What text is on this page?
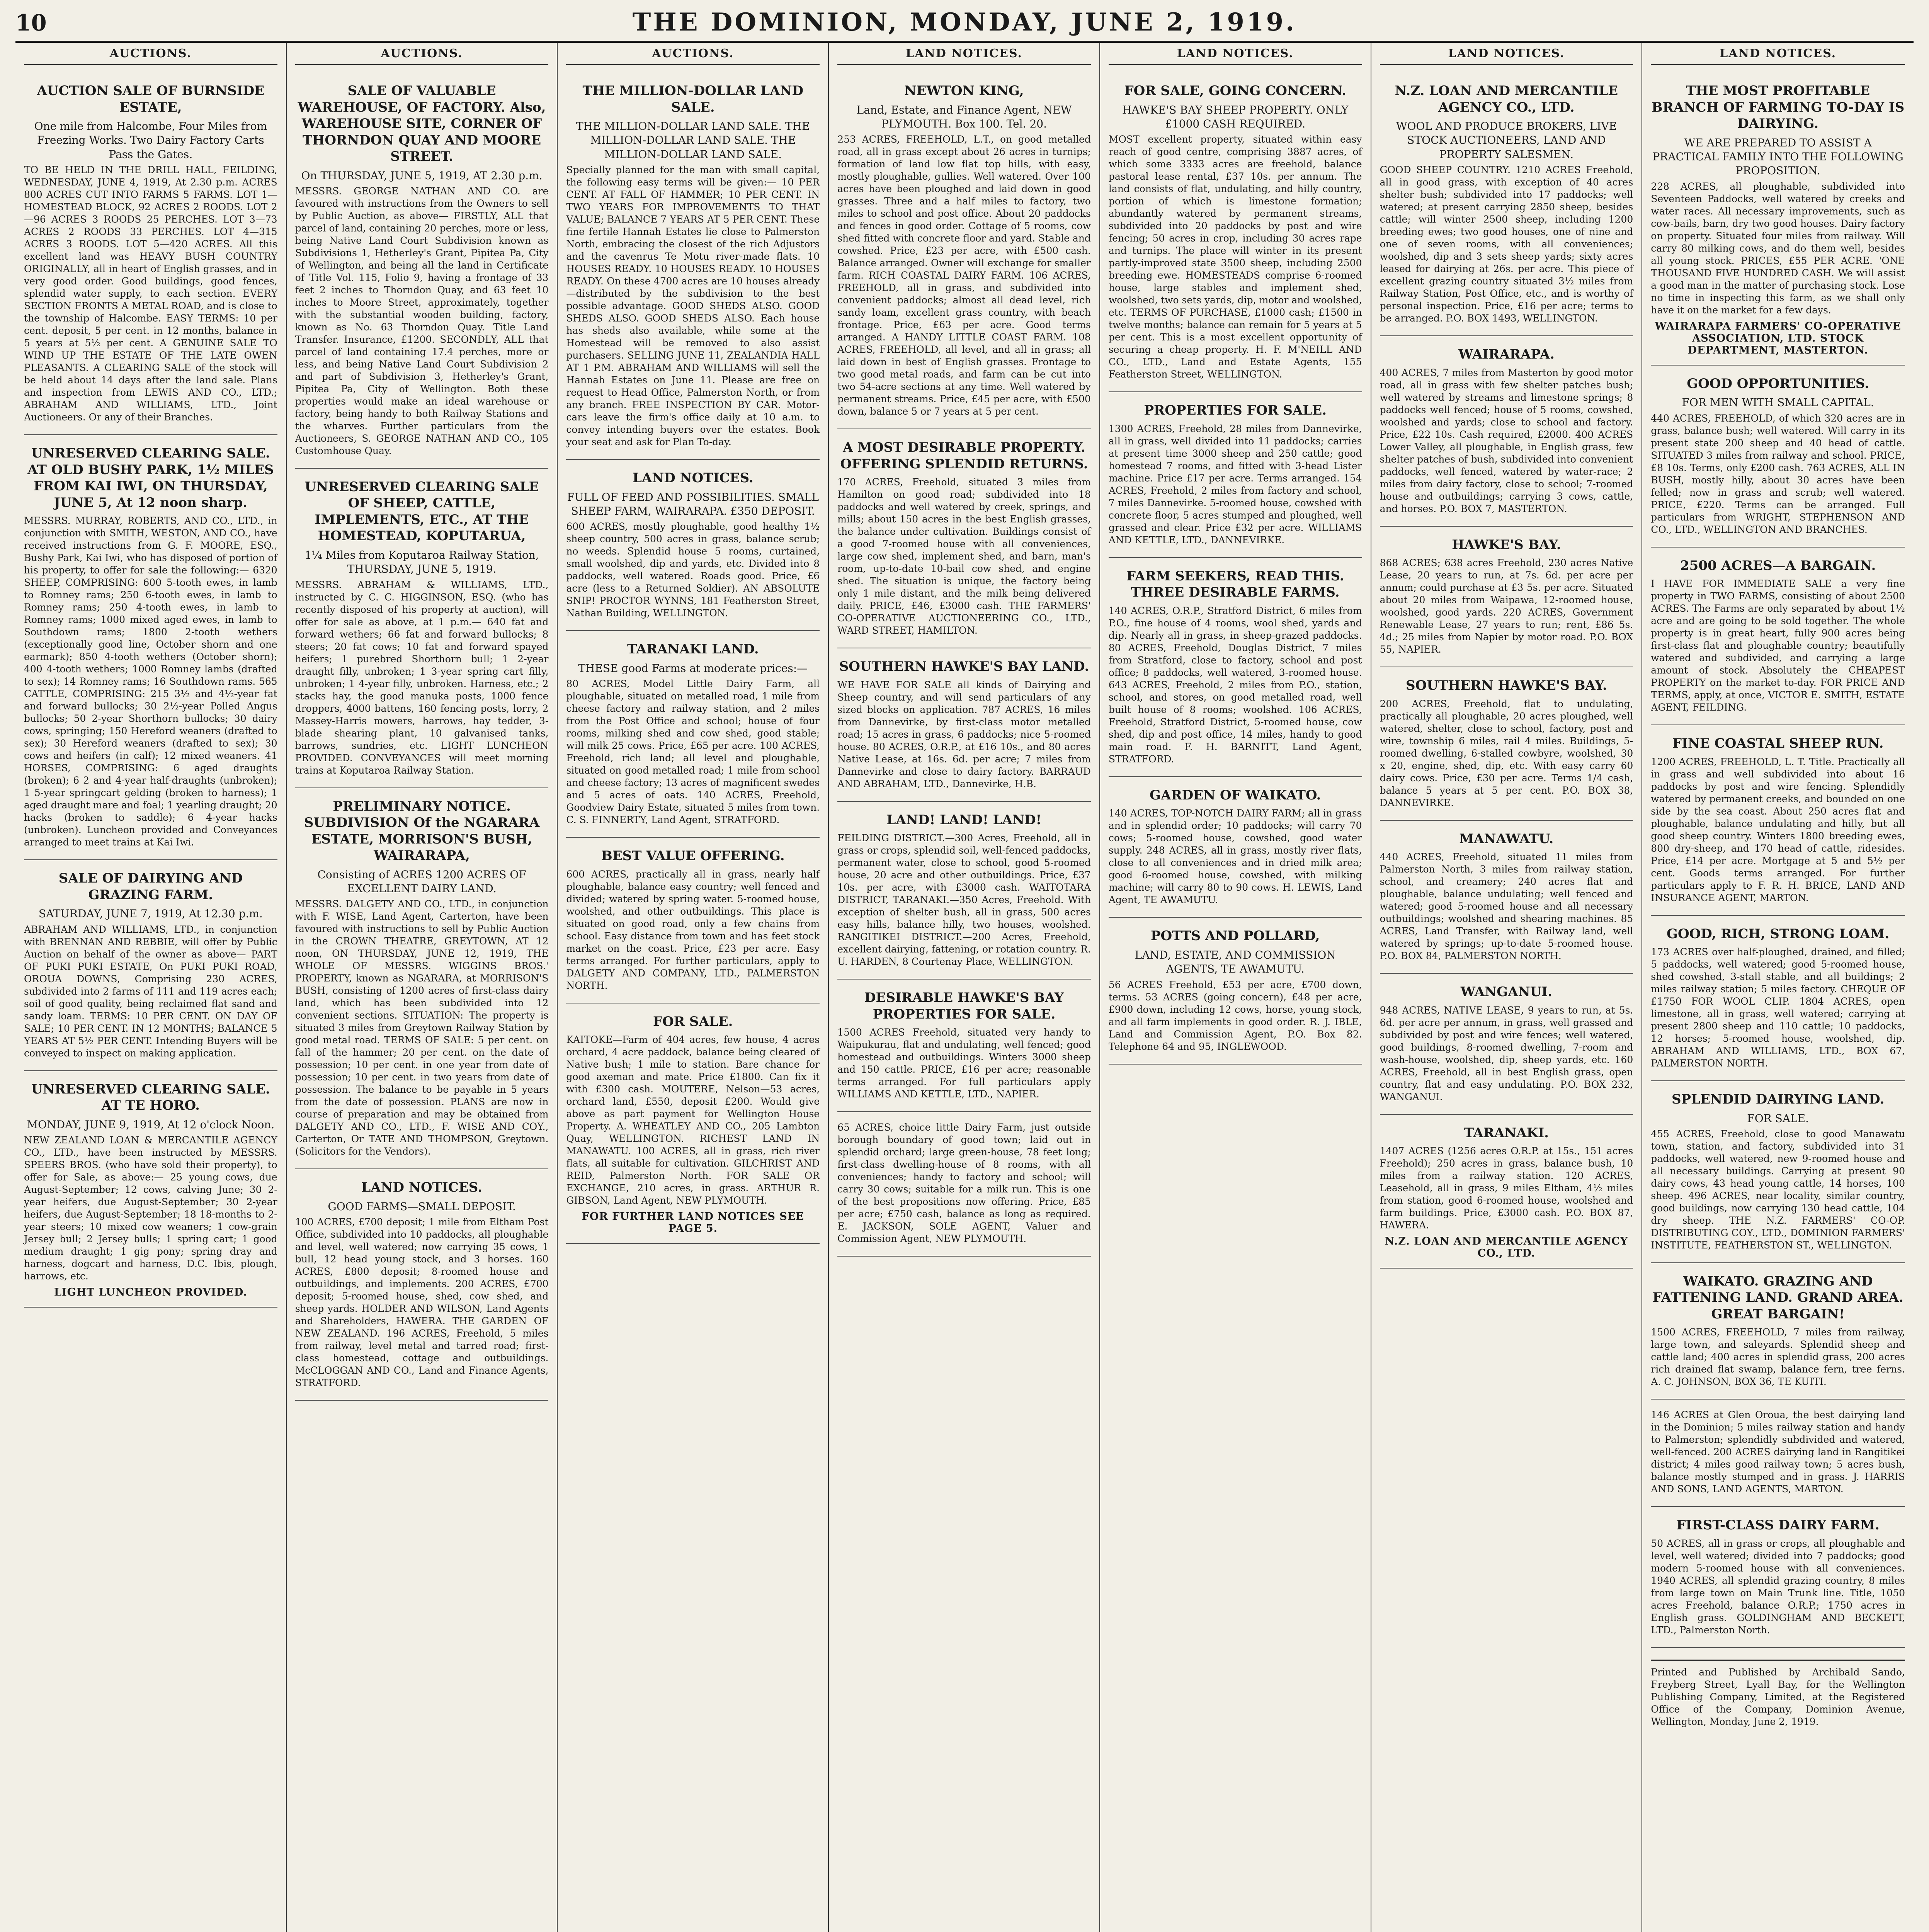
10	THE DOMINION, MONDAY, JUNE 2, 1919.
AUCTIONS.
AUCTION SALE OF BURNSIDE ESTATE,
One mile from Halcombe, Four Miles from Freezing Works. Two Dairy Factory Carts Pass the Gates.
TO BE HELD IN THE DRILL HALL, FEILDING, WEDNESDAY, JUNE 4, 1919, At 2.30 p.m. ACRES 800 ACRES CUT INTO FARMS 5 FARMS. LOT 1—HOMESTEAD BLOCK, 92 ACRES 2 ROODS. LOT 2—96 ACRES 3 ROODS 25 PERCHES. LOT 3—73 ACRES 2 ROODS 33 PERCHES. LOT 4—315 ACRES 3 ROODS. LOT 5—420 ACRES. All this excellent land was HEAVY BUSH COUNTRY ORIGINALLY, all in heart of English grasses, and in very good order. Good buildings, good fences, splendid water supply, to each section. EVERY SECTION FRONTS A METAL ROAD, and is close to the township of Halcombe. EASY TERMS: 10 per cent. deposit, 5 per cent. in 12 months, balance in 5 years at 5½ per cent. A GENUINE SALE TO WIND UP THE ESTATE OF THE LATE OWEN PLEASANTS. A CLEARING SALE of the stock will be held about 14 days after the land sale. Plans and inspection from LEWIS AND CO., LTD.; ABRAHAM AND WILLIAMS, LTD., Joint Auctioneers. Or any of their Branches.
UNRESERVED CLEARING SALE. AT OLD BUSHY PARK, 1½ MILES FROM KAI IWI, ON THURSDAY, JUNE 5, At 12 noon sharp.
MESSRS. MURRAY, ROBERTS, AND CO., LTD., in conjunction with SMITH, WESTON, AND CO., have received instructions from G. F. MOORE, ESQ., Bushy Park, Kai Iwi, who has disposed of portion of his property, to offer for sale the following:— 6320 SHEEP, COMPRISING: 600 5-tooth ewes, in lamb to Romney rams; 250 6-tooth ewes, in lamb to Romney rams; 250 4-tooth ewes, in lamb to Romney rams; 1000 mixed aged ewes, in lamb to Southdown rams; 1800 2-tooth wethers (exceptionally good line, October shorn and one earmark); 850 4-tooth wethers (October shorn); 400 4-tooth wethers; 1000 Romney lambs (drafted to sex); 14 Romney rams; 16 Southdown rams. 565 CATTLE, COMPRISING: 215 3½ and 4½-year fat and forward bullocks; 30 2½-year Polled Angus bullocks; 50 2-year Shorthorn bullocks; 30 dairy cows, springing; 150 Hereford weaners (drafted to sex); 30 Hereford weaners (drafted to sex); 30 cows and heifers (in calf); 12 mixed weaners. 41 HORSES, COMPRISING: 6 aged draughts (broken); 6 2 and 4-year half-draughts (unbroken); 1 5-year springcart gelding (broken to harness); 1 aged draught mare and foal; 1 yearling draught; 20 hacks (broken to saddle); 6 4-year hacks (unbroken). Luncheon provided and Conveyances arranged to meet trains at Kai Iwi.
SALE OF DAIRYING AND GRAZING FARM.
SATURDAY, JUNE 7, 1919, At 12.30 p.m.
ABRAHAM AND WILLIAMS, LTD., in conjunction with BRENNAN AND REBBIE, will offer by Public Auction on behalf of the owner as above— PART OF PUKI PUKI ESTATE, On PUKI PUKI ROAD, OROUA DOWNS, Comprising 230 ACRES, subdivided into 2 farms of 111 and 119 acres each; soil of good quality, being reclaimed flat sand and sandy loam. TERMS: 10 PER CENT. ON DAY OF SALE; 10 PER CENT. IN 12 MONTHS; BALANCE 5 YEARS AT 5½ PER CENT. Intending Buyers will be conveyed to inspect on making application.
UNRESERVED CLEARING SALE. AT TE HORO.
MONDAY, JUNE 9, 1919, At 12 o'clock Noon.
NEW ZEALAND LOAN & MERCANTILE AGENCY CO., LTD., have been instructed by MESSRS. SPEERS BROS. (who have sold their property), to offer for Sale, as above:— 25 young cows, due August-September; 12 cows, calving June; 30 2-year heifers, due August-September; 30 2-year heifers, due August-September; 18 18-months to 2-year steers; 10 mixed cow weaners; 1 cow-grain Jersey bull; 2 Jersey bulls; 1 spring cart; 1 good medium draught; 1 gig pony; spring dray and harness, dogcart and harness, D.C. Ibis, plough, harrows, etc.
LIGHT LUNCHEON PROVIDED.
AUCTIONS.
SALE OF VALUABLE WAREHOUSE, OF FACTORY. Also, WAREHOUSE SITE, CORNER OF THORNDON QUAY AND MOORE STREET.
On THURSDAY, JUNE 5, 1919, AT 2.30 p.m.
MESSRS. GEORGE NATHAN AND CO. are favoured with instructions from the Owners to sell by Public Auction, as above— FIRSTLY, ALL that parcel of land, containing 20 perches, more or less, being Native Land Court Subdivision known as Subdivisions 1, Hetherley's Grant, Pipitea Pa, City of Wellington, and being all the land in Certificate of Title Vol. 115, Folio 9, having a frontage of 33 feet 2 inches to Thorndon Quay, and 63 feet 10 inches to Moore Street, approximately, together with the substantial wooden building, factory, known as No. 63 Thorndon Quay. Title Land Transfer. Insurance, £1200. SECONDLY, ALL that parcel of land containing 17.4 perches, more or less, and being Native Land Court Subdivision 2 and part of Subdivision 3, Hetherley's Grant, Pipitea Pa, City of Wellington. Both these properties would make an ideal warehouse or factory, being handy to both Railway Stations and the wharves. Further particulars from the Auctioneers, S. GEORGE NATHAN AND CO., 105 Customhouse Quay.
UNRESERVED CLEARING SALE OF SHEEP, CATTLE, IMPLEMENTS, ETC., AT THE HOMESTEAD, KOPUTARUA,
1¼ Miles from Koputaroa Railway Station, THURSDAY, JUNE 5, 1919.
MESSRS. ABRAHAM & WILLIAMS, LTD., instructed by C. C. HIGGINSON, ESQ. (who has recently disposed of his property at auction), will offer for sale as above, at 1 p.m.— 640 fat and forward wethers; 66 fat and forward bullocks; 8 steers; 20 fat cows; 10 fat and forward spayed heifers; 1 purebred Shorthorn bull; 1 2-year draught filly, unbroken; 1 3-year spring cart filly, unbroken; 1 4-year filly, unbroken. Harness, etc.; 2 stacks hay, the good manuka posts, 1000 fence droppers, 4000 battens, 160 fencing posts, lorry, 2 Massey-Harris mowers, harrows, hay tedder, 3-blade shearing plant, 10 galvanised tanks, barrows, sundries, etc. LIGHT LUNCHEON PROVIDED. CONVEYANCES will meet morning trains at Koputaroa Railway Station.
PRELIMINARY NOTICE. SUBDIVISION Of the NGARARA ESTATE, MORRISON'S BUSH, WAIRARAPA,
Consisting of ACRES 1200 ACRES OF EXCELLENT DAIRY LAND.
MESSRS. DALGETY AND CO., LTD., in conjunction with F. WISE, Land Agent, Carterton, have been favoured with instructions to sell by Public Auction in the CROWN THEATRE, GREYTOWN, AT 12 noon, ON THURSDAY, JUNE 12, 1919, THE WHOLE OF MESSRS. WIGGINS BROS.' PROPERTY, known as NGARARA, at MORRISON'S BUSH, consisting of 1200 acres of first-class dairy land, which has been subdivided into 12 convenient sections. SITUATION: The property is situated 3 miles from Greytown Railway Station by good metal road. TERMS OF SALE: 5 per cent. on fall of the hammer; 20 per cent. on the date of possession; 10 per cent. in one year from date of possession; 10 per cent. in two years from date of possession. The balance to be payable in 5 years from the date of possession. PLANS are now in course of preparation and may be obtained from DALGETY AND CO., LTD., F. WISE AND COY., Carterton, Or TATE AND THOMPSON, Greytown. (Solicitors for the Vendors).
LAND NOTICES.
GOOD FARMS—SMALL DEPOSIT.
100 ACRES, £700 deposit; 1 mile from Eltham Post Office, subdivided into 10 paddocks, all ploughable and level, well watered; now carrying 35 cows, 1 bull, 12 head young stock, and 3 horses. 160 ACRES, £800 deposit; 8-roomed house and outbuildings, and implements. 200 ACRES, £700 deposit; 5-roomed house, shed, cow shed, and sheep yards. HOLDER AND WILSON, Land Agents and Shareholders, HAWERA. THE GARDEN OF NEW ZEALAND. 196 ACRES, Freehold, 5 miles from railway, level metal and tarred road; first-class homestead, cottage and outbuildings. McCLOGGAN AND CO., Land and Finance Agents, STRATFORD.
AUCTIONS.
THE MILLION-DOLLAR LAND SALE.
THE MILLION-DOLLAR LAND SALE. THE MILLION-DOLLAR LAND SALE. THE MILLION-DOLLAR LAND SALE.
Specially planned for the man with small capital, the following easy terms will be given:— 10 PER CENT. AT FALL OF HAMMER; 10 PER CENT. IN TWO YEARS FOR IMPROVEMENTS TO THAT VALUE; BALANCE 7 YEARS AT 5 PER CENT. These fine fertile Hannah Estates lie close to Palmerston North, embracing the closest of the rich Adjustors and the cavenrus Te Motu river-made flats. 10 HOUSES READY. 10 HOUSES READY. 10 HOUSES READY. On these 4700 acres are 10 houses already—distributed by the subdivision to the best possible advantage. GOOD SHEDS ALSO. GOOD SHEDS ALSO. GOOD SHEDS ALSO. Each house has sheds also available, while some at the Homestead will be removed to also assist purchasers. SELLING JUNE 11, ZEALANDIA HALL AT 1 P.M. ABRAHAM AND WILLIAMS will sell the Hannah Estates on June 11. Please are free on request to Head Office, Palmerston North, or from any branch. FREE INSPECTION BY CAR. Motor-cars leave the firm's office daily at 10 a.m. to convey intending buyers over the estates. Book your seat and ask for Plan To-day.
LAND NOTICES.
FULL OF FEED AND POSSIBILITIES. SMALL SHEEP FARM, WAIRARAPA. £350 DEPOSIT.
600 ACRES, mostly ploughable, good healthy 1½ sheep country, 500 acres in grass, balance scrub; no weeds. Splendid house 5 rooms, curtained, small woolshed, dip and yards, etc. Divided into 8 paddocks, well watered. Roads good. Price, £6 acre (less to a Returned Soldier). AN ABSOLUTE SNIP! PROCTOR WYNNS, 181 Featherston Street, Nathan Building, WELLINGTON.
TARANAKI LAND.
THESE good Farms at moderate prices:—
80 ACRES, Model Little Dairy Farm, all ploughable, situated on metalled road, 1 mile from cheese factory and railway station, and 2 miles from the Post Office and school; house of four rooms, milking shed and cow shed, good stable; will milk 25 cows. Price, £65 per acre. 100 ACRES, Freehold, rich land; all level and ploughable, situated on good metalled road; 1 mile from school and cheese factory; 13 acres of magnificent swedes and 5 acres of oats. 140 ACRES, Freehold, Goodview Dairy Estate, situated 5 miles from town. C. S. FINNERTY, Land Agent, STRATFORD.
BEST VALUE OFFERING.
600 ACRES, practically all in grass, nearly half ploughable, balance easy country; well fenced and divided; watered by spring water. 5-roomed house, woolshed, and other outbuildings. This place is situated on good road, only a few chains from school. Easy distance from town and has feet stock market on the coast. Price, £23 per acre. Easy terms arranged. For further particulars, apply to DALGETY AND COMPANY, LTD., PALMERSTON NORTH.
FOR SALE.
KAITOKE—Farm of 404 acres, few house, 4 acres orchard, 4 acre paddock, balance being cleared of Native bush; 1 mile to station. Bare chance for good axeman and mate. Price £1800. Can fix it with £300 cash. MOUTERE, Nelson—53 acres, orchard land, £550, deposit £200. Would give above as part payment for Wellington House Property. A. WHEATLEY AND CO., 205 Lambton Quay, WELLINGTON. RICHEST LAND IN MANAWATU. 100 ACRES, all in grass, rich river flats, all suitable for cultivation. GILCHRIST AND REID, Palmerston North. FOR SALE OR EXCHANGE, 210 acres, in grass. ARTHUR R. GIBSON, Land Agent, NEW PLYMOUTH.
FOR FURTHER LAND NOTICES SEE PAGE 5.
LAND NOTICES.
NEWTON KING,
Land, Estate, and Finance Agent, NEW PLYMOUTH. Box 100. Tel. 20.
253 ACRES, FREEHOLD, L.T., on good metalled road, all in grass except about 26 acres in turnips; formation of land low flat top hills, with easy, mostly ploughable, gullies. Well watered. Over 100 acres have been ploughed and laid down in good grasses. Three and a half miles to factory, two miles to school and post office. About 20 paddocks and fences in good order. Cottage of 5 rooms, cow shed fitted with concrete floor and yard. Stable and cowshed. Price, £23 per acre, with £500 cash. Balance arranged. Owner will exchange for smaller farm. RICH COASTAL DAIRY FARM. 106 ACRES, FREEHOLD, all in grass, and subdivided into convenient paddocks; almost all dead level, rich sandy loam, excellent grass country, with beach frontage. Price, £63 per acre. Good terms arranged. A HANDY LITTLE COAST FARM. 108 ACRES, FREEHOLD, all level, and all in grass; all laid down in best of English grasses. Frontage to two good metal roads, and farm can be cut into two 54-acre sections at any time. Well watered by permanent streams. Price, £45 per acre, with £500 down, balance 5 or 7 years at 5 per cent.
A MOST DESIRABLE PROPERTY. OFFERING SPLENDID RETURNS.
170 ACRES, Freehold, situated 3 miles from Hamilton on good road; subdivided into 18 paddocks and well watered by creek, springs, and mills; about 150 acres in the best English grasses, the balance under cultivation. Buildings consist of a good 7-roomed house with all conveniences, large cow shed, implement shed, and barn, man's room, up-to-date 10-bail cow shed, and engine shed. The situation is unique, the factory being only 1 mile distant, and the milk being delivered daily. PRICE, £46, £3000 cash. THE FARMERS' CO-OPERATIVE AUCTIONEERING CO., LTD., WARD STREET, HAMILTON.
SOUTHERN HAWKE'S BAY LAND.
WE HAVE FOR SALE all kinds of Dairying and Sheep country, and will send particulars of any sized blocks on application. 787 ACRES, 16 miles from Dannevirke, by first-class motor metalled road; 15 acres in grass, 6 paddocks; nice 5-roomed house. 80 ACRES, O.R.P., at £16 10s., and 80 acres Native Lease, at 16s. 6d. per acre; 7 miles from Dannevirke and close to dairy factory. BARRAUD AND ABRAHAM, LTD., Dannevirke, H.B.
LAND! LAND! LAND!
FEILDING DISTRICT.—300 Acres, Freehold, all in grass or crops, splendid soil, well-fenced paddocks, permanent water, close to school, good 5-roomed house, 20 acre and other outbuildings. Price, £37 10s. per acre, with £3000 cash. WAITOTARA DISTRICT, TARANAKI.—350 Acres, Freehold. With exception of shelter bush, all in grass, 500 acres easy hills, balance hilly, two houses, woolshed. RANGITIKEI DISTRICT.—200 Acres, Freehold, excellent dairying, fattening, or rotation country. R. U. HARDEN, 8 Courtenay Place, WELLINGTON.
DESIRABLE HAWKE'S BAY PROPERTIES FOR SALE.
1500 ACRES Freehold, situated very handy to Waipukurau, flat and undulating, well fenced; good homestead and outbuildings. Winters 3000 sheep and 150 cattle. PRICE, £16 per acre; reasonable terms arranged. For full particulars apply WILLIAMS AND KETTLE, LTD., NAPIER.
65 ACRES, choice little Dairy Farm, just outside borough boundary of good town; laid out in splendid orchard; large green-house, 78 feet long; first-class dwelling-house of 8 rooms, with all conveniences; handy to factory and school; will carry 30 cows; suitable for a milk run. This is one of the best propositions now offering. Price, £85 per acre; £750 cash, balance as long as required. E. JACKSON, SOLE AGENT, Valuer and Commission Agent, NEW PLYMOUTH.
LAND NOTICES.
FOR SALE, GOING CONCERN.
HAWKE'S BAY SHEEP PROPERTY. ONLY £1000 CASH REQUIRED.
MOST excellent property, situated within easy reach of good centre, comprising 3887 acres, of which some 3333 acres are freehold, balance pastoral lease rental, £37 10s. per annum. The land consists of flat, undulating, and hilly country, portion of which is limestone formation; abundantly watered by permanent streams, subdivided into 20 paddocks by post and wire fencing; 50 acres in crop, including 30 acres rape and turnips. The place will winter in its present partly-improved state 3500 sheep, including 2500 breeding ewe. HOMESTEADS comprise 6-roomed house, large stables and implement shed, woolshed, two sets yards, dip, motor and woolshed, etc. TERMS OF PURCHASE, £1000 cash; £1500 in twelve months; balance can remain for 5 years at 5 per cent. This is a most excellent opportunity of securing a cheap property. H. F. M'NEILL AND CO., LTD., Land and Estate Agents, 155 Featherston Street, WELLINGTON.
PROPERTIES FOR SALE.
1300 ACRES, Freehold, 28 miles from Dannevirke, all in grass, well divided into 11 paddocks; carries at present time 3000 sheep and 250 cattle; good homestead 7 rooms, and fitted with 3-head Lister machine. Price £17 per acre. Terms arranged. 154 ACRES, Freehold, 2 miles from factory and school, 7 miles Dannevirke. 5-roomed house, cowshed with concrete floor, 5 acres stumped and ploughed, well grassed and clear. Price £32 per acre. WILLIAMS AND KETTLE, LTD., DANNEVIRKE.
FARM SEEKERS, READ THIS. THREE DESIRABLE FARMS.
140 ACRES, O.R.P., Stratford District, 6 miles from P.O., fine house of 4 rooms, wool shed, yards and dip. Nearly all in grass, in sheep-grazed paddocks. 80 ACRES, Freehold, Douglas District, 7 miles from Stratford, close to factory, school and post office; 8 paddocks, well watered, 3-roomed house. 643 ACRES, Freehold, 2 miles from P.O., station, school, and stores, on good metalled road, well built house of 8 rooms; woolshed. 106 ACRES, Freehold, Stratford District, 5-roomed house, cow shed, dip and post office, 14 miles, handy to good main road. F. H. BARNITT, Land Agent, STRATFORD.
GARDEN OF WAIKATO.
140 ACRES, TOP-NOTCH DAIRY FARM; all in grass and in splendid order; 10 paddocks; will carry 70 cows; 5-roomed house, cowshed, good water supply. 248 ACRES, all in grass, mostly river flats, close to all conveniences and in dried milk area; good 6-roomed house, cowshed, with milking machine; will carry 80 to 90 cows. H. LEWIS, Land Agent, TE AWAMUTU.
POTTS AND POLLARD,
LAND, ESTATE, AND COMMISSION AGENTS, TE AWAMUTU.
56 ACRES Freehold, £53 per acre, £700 down, terms. 53 ACRES (going concern), £48 per acre, £900 down, including 12 cows, horse, young stock, and all farm implements in good order. R. J. IBLE, Land and Commission Agent, P.O. Box 82. Telephone 64 and 95, INGLEWOOD.
LAND NOTICES.
N.Z. LOAN AND MERCANTILE AGENCY CO., LTD.
WOOL AND PRODUCE BROKERS, LIVE STOCK AUCTIONEERS, LAND AND PROPERTY SALESMEN.
GOOD SHEEP COUNTRY. 1210 ACRES Freehold, all in good grass, with exception of 40 acres shelter bush; subdivided into 17 paddocks; well watered; at present carrying 2850 sheep, besides cattle; will winter 2500 sheep, including 1200 breeding ewes; two good houses, one of nine and one of seven rooms, with all conveniences; woolshed, dip and 3 sets sheep yards; sixty acres leased for dairying at 26s. per acre. This piece of excellent grazing country situated 3½ miles from Railway Station, Post Office, etc., and is worthy of personal inspection. Price, £16 per acre; terms to be arranged. P.O. BOX 1493, WELLINGTON.
WAIRARAPA.
400 ACRES, 7 miles from Masterton by good motor road, all in grass with few shelter patches bush; well watered by streams and limestone springs; 8 paddocks well fenced; house of 5 rooms, cowshed, woolshed and yards; close to school and factory. Price, £22 10s. Cash required, £2000. 400 ACRES Lower Valley, all ploughable, in English grass, few shelter patches of bush, subdivided into convenient paddocks, well fenced, watered by water-race; 2 miles from dairy factory, close to school; 7-roomed house and outbuildings; carrying 3 cows, cattle, and horses. P.O. BOX 7, MASTERTON.
HAWKE'S BAY.
868 ACRES; 638 acres Freehold, 230 acres Native Lease, 20 years to run, at 7s. 6d. per acre per annum; could purchase at £3 5s. per acre. Situated about 20 miles from Waipawa, 12-roomed house, woolshed, good yards. 220 ACRES, Government Renewable Lease, 27 years to run; rent, £86 5s. 4d.; 25 miles from Napier by motor road. P.O. BOX 55, NAPIER.
SOUTHERN HAWKE'S BAY.
200 ACRES, Freehold, flat to undulating, practically all ploughable, 20 acres ploughed, well watered, shelter, close to school, factory, post and wire, township 6 miles, rail 4 miles. Buildings, 5-roomed dwelling, 6-stalled cowbyre, woolshed, 30 x 20, engine, shed, dip, etc. With easy carry 60 dairy cows. Price, £30 per acre. Terms 1/4 cash, balance 5 years at 5 per cent. P.O. BOX 38, DANNEVIRKE.
MANAWATU.
440 ACRES, Freehold, situated 11 miles from Palmerston North, 3 miles from railway station, school, and creamery; 240 acres flat and ploughable, balance undulating; well fenced and watered; good 5-roomed house and all necessary outbuildings; woolshed and shearing machines. 85 ACRES, Land Transfer, with Railway land, well watered by springs; up-to-date 5-roomed house. P.O. BOX 84, PALMERSTON NORTH.
WANGANUI.
948 ACRES, NATIVE LEASE, 9 years to run, at 5s. 6d. per acre per annum, in grass, well grassed and subdivided by post and wire fences; well watered, good buildings, 8-roomed dwelling, 7-room and wash-house, woolshed, dip, sheep yards, etc. 160 ACRES, Freehold, all in best English grass, open country, flat and easy undulating. P.O. BOX 232, WANGANUI.
TARANAKI.
1407 ACRES (1256 acres O.R.P. at 15s., 151 acres Freehold); 250 acres in grass, balance bush, 10 miles from a railway station. 120 ACRES, Leasehold, all in grass, 9 miles Eltham, 4½ miles from station, good 6-roomed house, woolshed and farm buildings. Price, £3000 cash. P.O. BOX 87, HAWERA.
N.Z. LOAN AND MERCANTILE AGENCY CO., LTD.
LAND NOTICES.
THE MOST PROFITABLE BRANCH OF FARMING TO-DAY IS DAIRYING.
WE ARE PREPARED TO ASSIST A PRACTICAL FAMILY INTO THE FOLLOWING PROPOSITION.
228 ACRES, all ploughable, subdivided into Seventeen Paddocks, well watered by creeks and water races. All necessary improvements, such as cow-bails, barn, dry two good houses. Dairy factory on property. Situated four miles from railway. Will carry 80 milking cows, and do them well, besides all young stock. PRICES, £55 PER ACRE. 'ONE THOUSAND FIVE HUNDRED CASH. We will assist a good man in the matter of purchasing stock. Lose no time in inspecting this farm, as we shall only have it on the market for a few days.
WAIRARAPA FARMERS' CO-OPERATIVE ASSOCIATION, LTD. STOCK DEPARTMENT, MASTERTON.
GOOD OPPORTUNITIES.
FOR MEN WITH SMALL CAPITAL.
440 ACRES, FREEHOLD, of which 320 acres are in grass, balance bush; well watered. Will carry in its present state 200 sheep and 40 head of cattle. SITUATED 3 miles from railway and school. PRICE, £8 10s. Terms, only £200 cash. 763 ACRES, ALL IN BUSH, mostly hilly, about 30 acres have been felled; now in grass and scrub; well watered. PRICE, £220. Terms can be arranged. Full particulars from WRIGHT, STEPHENSON AND CO., LTD., WELLINGTON AND BRANCHES.
2500 ACRES—A BARGAIN.
I HAVE FOR IMMEDIATE SALE a very fine property in TWO FARMS, consisting of about 2500 ACRES. The Farms are only separated by about 1½ acre and are going to be sold together. The whole property is in great heart, fully 900 acres being first-class flat and ploughable country; beautifully watered and subdivided, and carrying a large amount of stock. Absolutely the CHEAPEST PROPERTY on the market to-day. FOR PRICE AND TERMS, apply, at once, VICTOR E. SMITH, ESTATE AGENT, FEILDING.
FINE COASTAL SHEEP RUN.
1200 ACRES, FREEHOLD, L. T. Title. Practically all in grass and well subdivided into about 16 paddocks by post and wire fencing. Splendidly watered by permanent creeks, and bounded on one side by the sea coast. About 250 acres flat and ploughable, balance undulating and hilly, but all good sheep country. Winters 1800 breeding ewes, 800 dry-sheep, and 170 head of cattle, ridesides. Price, £14 per acre. Mortgage at 5 and 5½ per cent. Goods terms arranged. For further particulars apply to F. R. H. BRICE, LAND AND INSURANCE AGENT, MARTON.
GOOD, RICH, STRONG LOAM.
173 ACRES over half-ploughed, drained, and filled; 5 paddocks, well watered; good 5-roomed house, shed cowshed, 3-stall stable, and all buildings; 2 miles railway station; 5 miles factory. CHEQUE OF £1750 FOR WOOL CLIP. 1804 ACRES, open limestone, all in grass, well watered; carrying at present 2800 sheep and 110 cattle; 10 paddocks, 12 horses; 5-roomed house, woolshed, dip. ABRAHAM AND WILLIAMS, LTD., BOX 67, PALMERSTON NORTH.
SPLENDID DAIRYING LAND.
FOR SALE.
455 ACRES, Freehold, close to good Manawatu town, station, and factory, subdivided into 31 paddocks, well watered, new 9-roomed house and all necessary buildings. Carrying at present 90 dairy cows, 43 head young cattle, 14 horses, 100 sheep. 496 ACRES, near locality, similar country, good buildings, now carrying 130 head cattle, 104 dry sheep. THE N.Z. FARMERS' CO-OP. DISTRIBUTING COY., LTD., DOMINION FARMERS' INSTITUTE, FEATHERSTON ST., WELLINGTON.
WAIKATO. GRAZING AND FATTENING LAND. GRAND AREA. GREAT BARGAIN!
1500 ACRES, FREEHOLD, 7 miles from railway, large town, and saleyards. Splendid sheep and cattle land; 400 acres in splendid grass, 200 acres rich drained flat swamp, balance fern, tree ferns. A. C. JOHNSON, BOX 36, TE KUITI.
146 ACRES at Glen Oroua, the best dairying land in the Dominion; 5 miles railway station and handy to Palmerston; splendidly subdivided and watered, well-fenced. 200 ACRES dairying land in Rangitikei district; 4 miles good railway town; 5 acres bush, balance mostly stumped and in grass. J. HARRIS AND SONS, LAND AGENTS, MARTON.
FIRST-CLASS DAIRY FARM.
50 ACRES, all in grass or crops, all ploughable and level, well watered; divided into 7 paddocks; good modern 5-roomed house with all conveniences. 1940 ACRES, all splendid grazing country, 8 miles from large town on Main Trunk line. Title, 1050 acres Freehold, balance O.R.P.; 1750 acres in English grass. GOLDINGHAM AND BECKETT, LTD., Palmerston North.
Printed and Published by Archibald Sando, Freyberg Street, Lyall Bay, for the Wellington Publishing Company, Limited, at the Registered Office of the Company, Dominion Avenue, Wellington, Monday, June 2, 1919.
